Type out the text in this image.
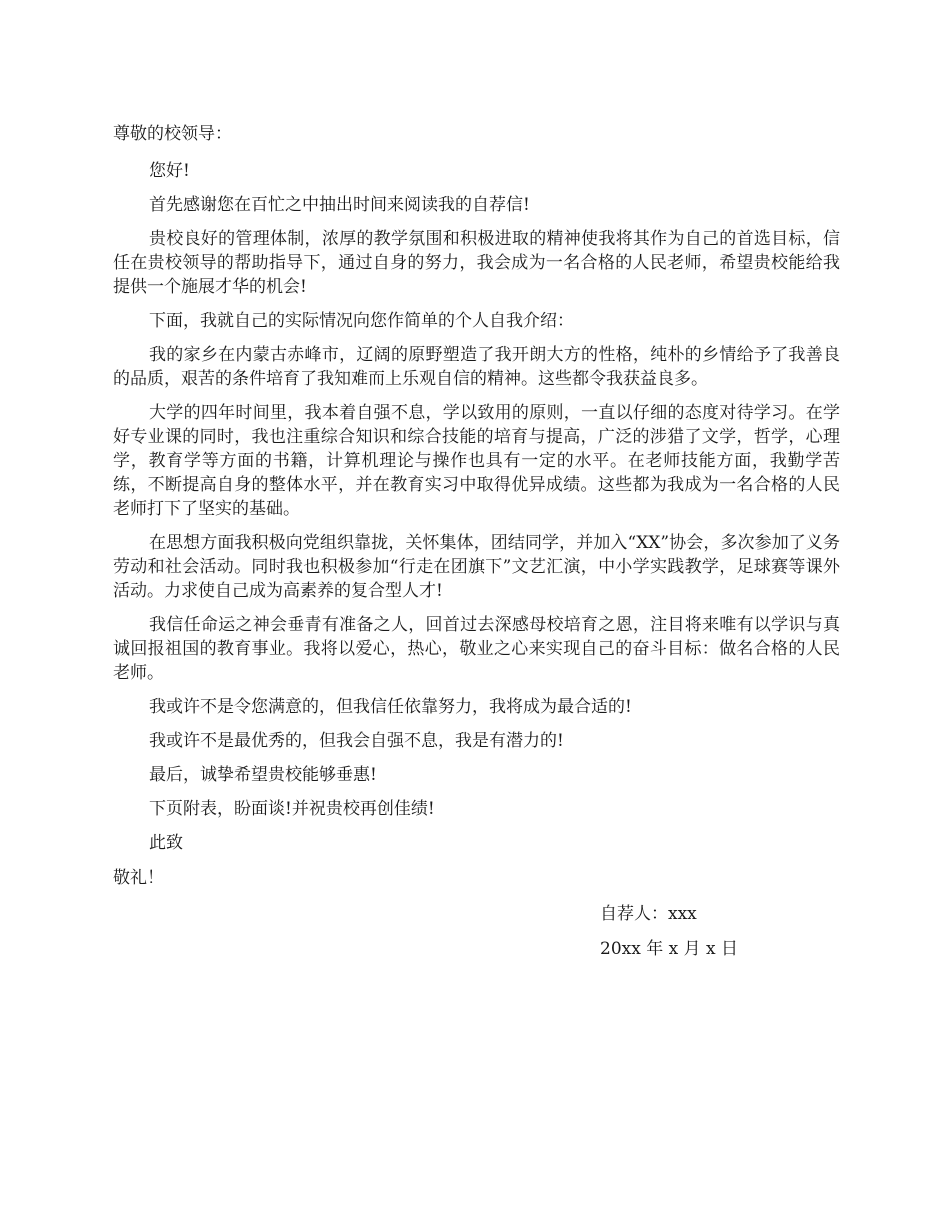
尊敬的校领导：

您好!

首先感谢您在百忙之中抽出时间来阅读我的自荐信!

贵校良好的管理体制，浓厚的教学氛围和积极进取的精神使我将其作为自己的首选目标，信任在贵校领导的帮助指导下，通过自身的努力，我会成为一名合格的人民老师，希望贵校能给我提供一个施展才华的机会!

下面，我就自己的实际情况向您作简单的个人自我介绍：

我的家乡在内蒙古赤峰市，辽阔的原野塑造了我开朗大方的性格，纯朴的乡情给予了我善良的品质，艰苦的条件培育了我知难而上乐观自信的精神。这些都令我获益良多。

大学的四年时间里，我本着自强不息，学以致用的原则，一直以仔细的态度对待学习。在学好专业课的同时，我也注重综合知识和综合技能的培育与提高，广泛的涉猎了文学，哲学，心理学，教育学等方面的书籍，计算机理论与操作也具有一定的水平。在老师技能方面，我勤学苦练，不断提高自身的整体水平，并在教育实习中取得优异成绩。这些都为我成为一名合格的人民老师打下了坚实的基础。

在思想方面我积极向党组织靠拢，关怀集体，团结同学，并加入“XX”协会，多次参加了义务劳动和社会活动。同时我也积极参加“行走在团旗下”文艺汇演，中小学实践教学，足球赛等课外活动。力求使自己成为高素养的复合型人才!

我信任命运之神会垂青有准备之人，回首过去深感母校培育之恩，注目将来唯有以学识与真诚回报祖国的教育事业。我将以爱心，热心，敬业之心来实现自己的奋斗目标：做名合格的人民老师。

我或许不是令您满意的，但我信任依靠努力，我将成为最合适的!

我或许不是最优秀的，但我会自强不息，我是有潜力的!

最后，诚挚希望贵校能够垂惠!

下页附表，盼面谈!并祝贵校再创佳绩!

此致

敬礼！

自荐人：xxx
20xx 年 x 月 x 日
